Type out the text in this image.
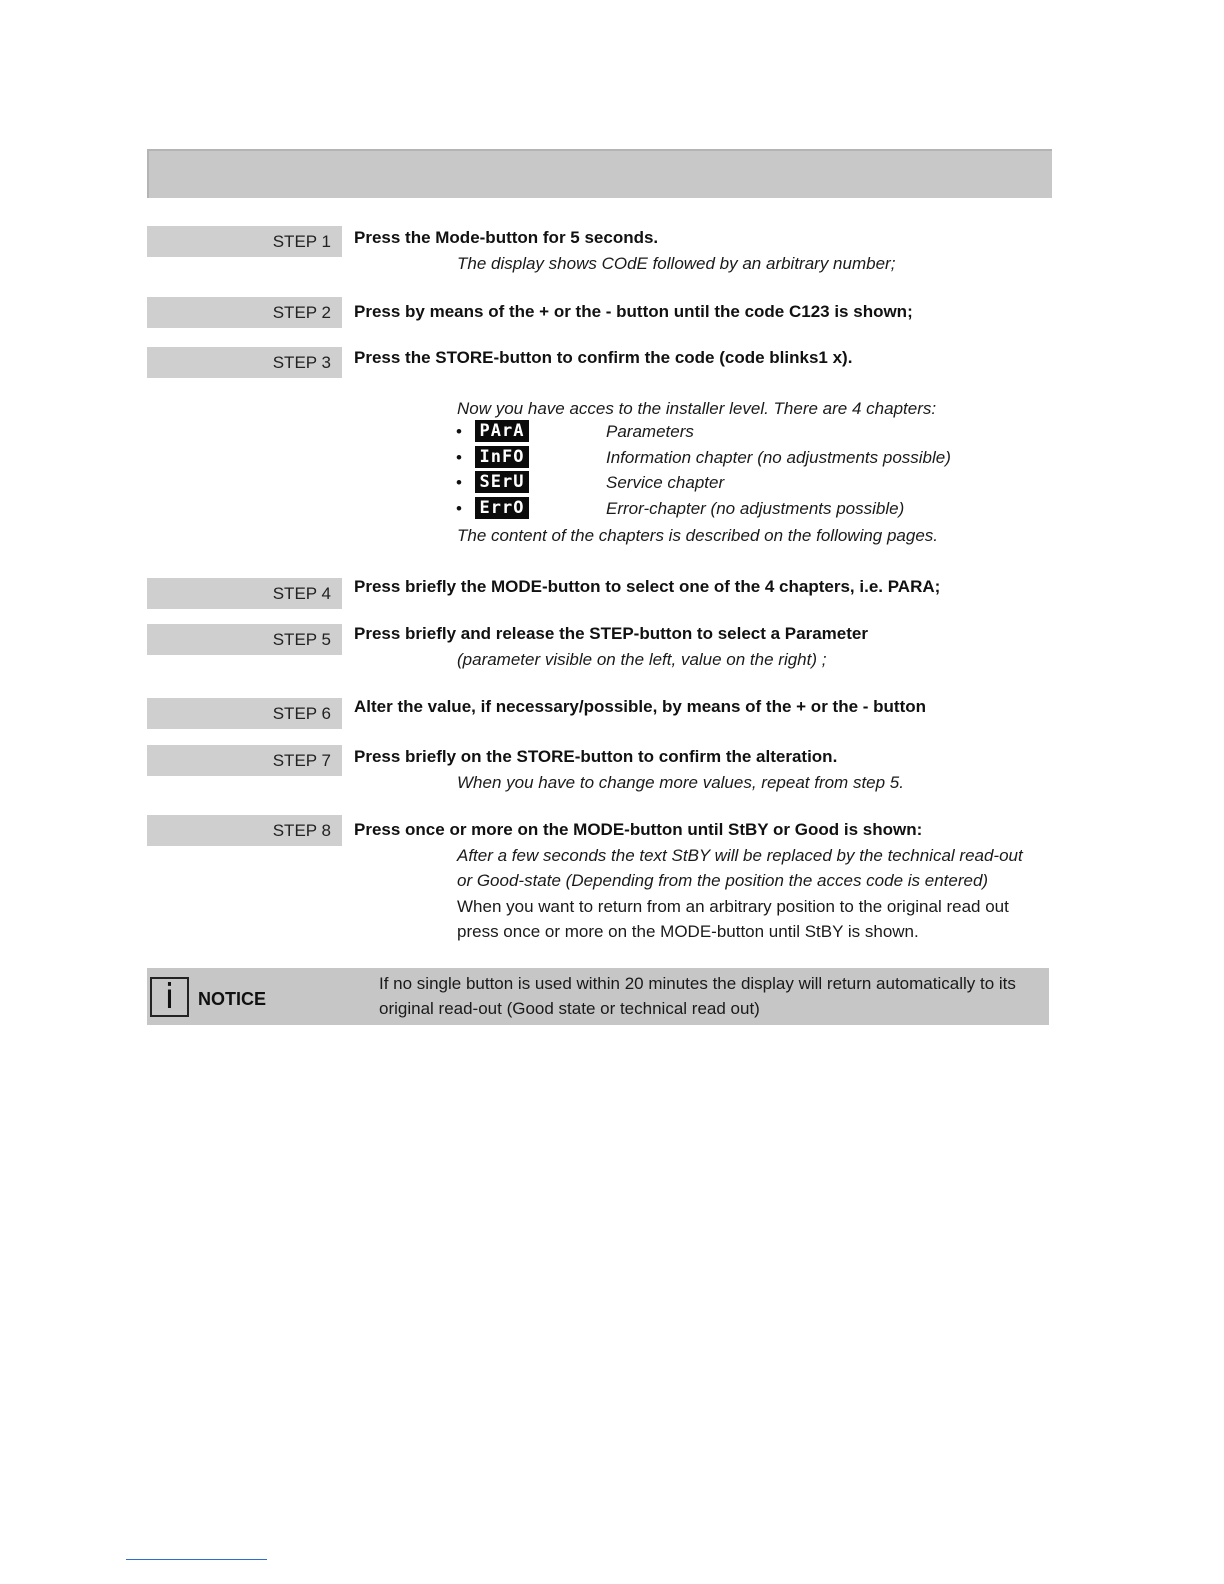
STEP 1	Press the Mode-button for 5 seconds.
The display shows COdE followed by an arbitrary number;
STEP 2	Press by means of the + or the - button until the code C123 is shown;
STEP 3	Press the STORE-button to confirm the code (code blinks1 x).
Now you have acces to the installer level. There are 4 chapters:
• PArA	Parameters
• InFO	Information chapter (no adjustments possible)
• SErU	Service chapter
• ErrO	Error-chapter (no adjustments possible)
The content of the chapters is described on the following pages.
STEP 4	Press briefly the MODE-button to select one of the 4 chapters, i.e. PARA;
STEP 5	Press briefly and release the STEP-button to select a Parameter
(parameter visible on the left, value on the right) ;
STEP 6	Alter the value, if necessary/possible, by means of the + or the - button
STEP 7	Press briefly on the STORE-button to confirm the alteration.
When you have to change more values, repeat from step 5.
STEP 8	Press once or more on the MODE-button until StBY or Good is shown:
After a few seconds the text StBY will be replaced by the technical read-out
or Good-state (Depending from the position the acces code is entered)
When you want to return from an arbitrary position to the original read out
press once or more on the MODE-button until StBY is shown.
i	NOTICE
If no single button is used within 20 minutes the display will return automatically to its
original read-out (Good state or technical read out)
